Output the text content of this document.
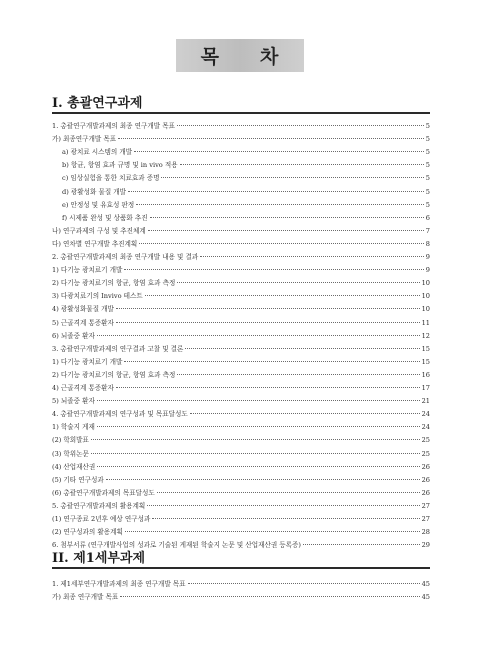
목 차
I. 총괄연구과제
1. 총괄연구개발과제의 최종 연구개발 목표	5
가) 최종연구개발 목표	5
a) 광치료 시스템의 개발	5
b) 항균, 항염 효과 규명 및 in vivo 적용	5
c) 임상실험을 통한 치료효과 증명	5
d) 광활성화 물질 개발	5
e) 안정성 및 유효성 판정	5
f) 시제품 완성 및 상품화 추진	6
나) 연구과제의 구성 및 추진체계	7
다) 연차별 연구개발 추진계획	8
2. 총괄연구개발과제의 최종 연구개발 내용 및 결과	9
1) 다기능 광치료기 개발	9
2) 다기능 광치료기의 항균, 항염 효과 측정	10
3) 다광치료기의 Invivo 테스트	10
4) 광활성화물질 개발	10
5) 근골격계 통증환자	11
6) 뇌졸중 환자	12
3. 총괄연구개발과제의 연구결과 고찰 및 결론	15
1) 다기능 광치료기 개발	15
2) 다기능 광치료기의 항균, 항염 효과 측정	16
4) 근골격계 통증환자	17
5) 뇌졸중 환자	21
4. 총괄연구개발과제의 연구성과 및 목표달성도	24
1) 학술지 게재	24
(2) 학회발표	25
(3) 학위논문	25
(4) 산업재산권	26
(5) 기타 연구성과	26
(6) 총괄연구개발과제의 목표달성도	26
5. 총괄연구개발과제의 활용계획	27
(1) 연구종료 2년후 예상 연구성과	27
(2) 연구성과의 활용계획	28
6. 첨부서류 (연구개발사업의 성과로 기술된 게재된 학술지 논문 및 산업재산권 등록증)	29
II. 제1세부과제
1. 제1세부연구개발과제의 최종 연구개발 목표	45
가) 최종 연구개발 목표	45
